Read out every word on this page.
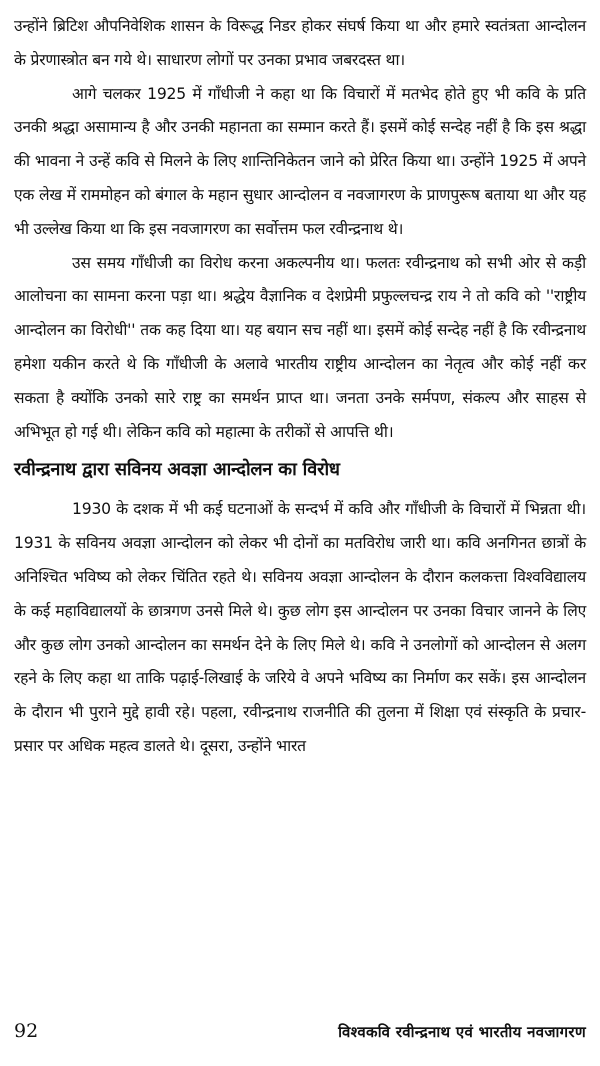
उन्होंने ब्रिटिश औपनिवेशिक शासन के विरूद्ध निडर होकर संघर्ष किया था और हमारे स्वतंत्रता आन्दोलन के प्रेरणास्त्रोत बन गये थे। साधारण लोगों पर उनका प्रभाव जबरदस्त था।

आगे चलकर 1925 में गाँधीजी ने कहा था कि विचारों में मतभेद होते हुए भी कवि के प्रति उनकी श्रद्धा असामान्य है और उनकी महानता का सम्मान करते हैं। इसमें कोई सन्देह नहीं है कि इस श्रद्धा की भावना ने उन्हें कवि से मिलने के लिए शान्तिनिकेतन जाने को प्रेरित किया था। उन्होंने 1925 में अपने एक लेख में राममोहन को बंगाल के महान सुधार आन्दोलन व नवजागरण के प्राणपुरूष बताया था और यह भी उल्लेख किया था कि इस नवजागरण का सर्वोत्तम फल रवीन्द्रनाथ थे।

उस समय गाँधीजी का विरोध करना अकल्पनीय था। फलतः रवीन्द्रनाथ को सभी ओर से कड़ी आलोचना का सामना करना पड़ा था। श्रद्धेय वैज्ञानिक व देशप्रेमी प्रफुल्लचन्द्र राय ने तो कवि को ''राष्ट्रीय आन्दोलन का विरोधी'' तक कह दिया था। यह बयान सच नहीं था। इसमें कोई सन्देह नहीं है कि रवीन्द्रनाथ हमेशा यकीन करते थे कि गाँधीजी के अलावे भारतीय राष्ट्रीय आन्दोलन का नेतृत्व और कोई नहीं कर सकता है क्योंकि उनको सारे राष्ट्र का समर्थन प्राप्त था। जनता उनके सर्मपण, संकल्प और साहस से अभिभूत हो गई थी। लेकिन कवि को महात्मा के तरीकों से आपत्ति थी।

रवीन्द्रनाथ द्वारा सविनय अवज्ञा आन्दोलन का विरोध

1930 के दशक में भी कई घटनाओं के सन्दर्भ में कवि और गाँधीजी के विचारों में भिन्नता थी। 1931 के सविनय अवज्ञा आन्दोलन को लेकर भी दोनों का मतविरोध जारी था। कवि अनगिनत छात्रों के अनिश्चित भविष्य को लेकर चिंतित रहते थे। सविनय अवज्ञा आन्दोलन के दौरान कलकत्ता विश्वविद्यालय के कई महाविद्यालयों के छात्रगण उनसे मिले थे। कुछ लोग इस आन्दोलन पर उनका विचार जानने के लिए और कुछ लोग उनको आन्दोलन का समर्थन देने के लिए मिले थे। कवि ने उनलोगों को आन्दोलन से अलग रहने के लिए कहा था ताकि पढ़ाई-लिखाई के जरिये वे अपने भविष्य का निर्माण कर सकें। इस आन्दोलन के दौरान भी पुराने मुद्दे हावी रहे। पहला, रवीन्द्रनाथ राजनीति की तुलना में शिक्षा एवं संस्कृति के प्रचार-प्रसार पर अधिक महत्व डालते थे। दूसरा, उन्होंने भारत

92	विश्वकवि रवीन्द्रनाथ एवं भारतीय नवजागरण
